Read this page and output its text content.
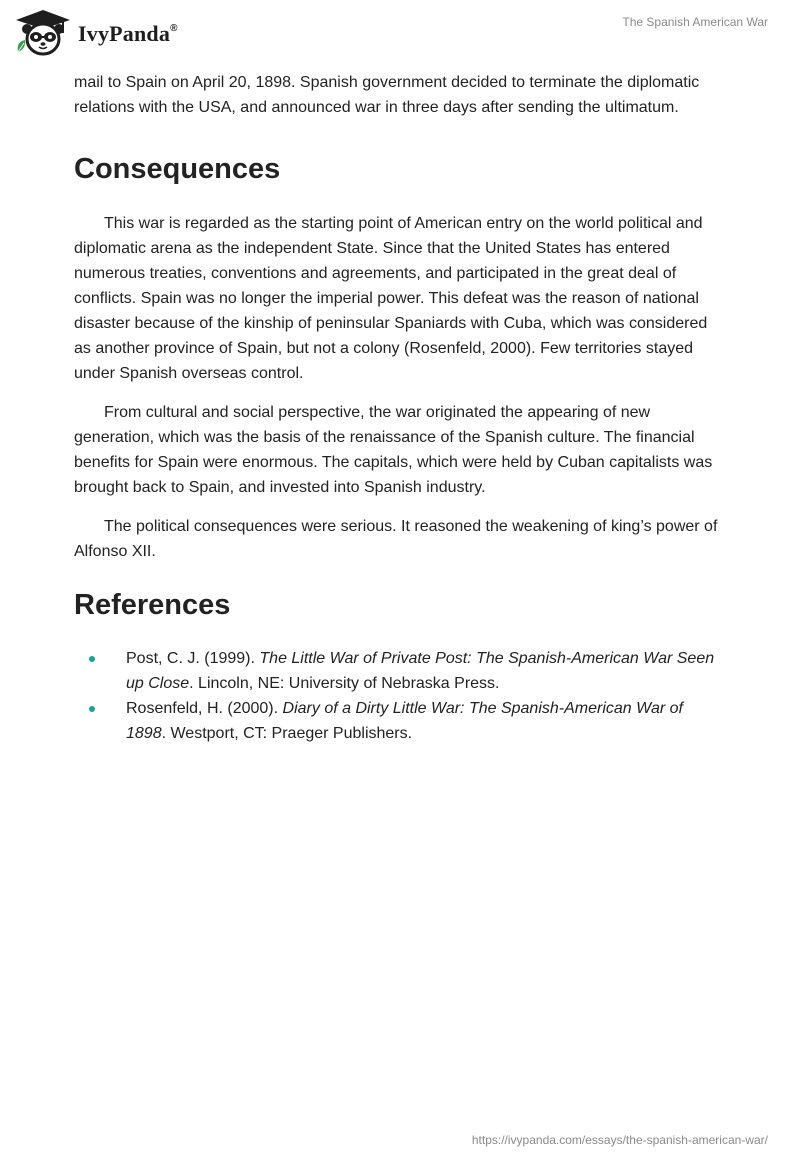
IvyPanda®	The Spanish American War

mail to Spain on April 20, 1898. Spanish government decided to terminate the diplomatic relations with the USA, and announced war in three days after sending the ultimatum.

Consequences

This war is regarded as the starting point of American entry on the world political and diplomatic arena as the independent State. Since that the United States has entered numerous treaties, conventions and agreements, and participated in the great deal of conflicts. Spain was no longer the imperial power. This defeat was the reason of national disaster because of the kinship of peninsular Spaniards with Cuba, which was considered as another province of Spain, but not a colony (Rosenfeld, 2000). Few territories stayed under Spanish overseas control.

From cultural and social perspective, the war originated the appearing of new generation, which was the basis of the renaissance of the Spanish culture. The financial benefits for Spain were enormous. The capitals, which were held by Cuban capitalists was brought back to Spain, and invested into Spanish industry.

The political consequences were serious. It reasoned the weakening of king’s power of Alfonso XII.

References
Post, C. J. (1999). The Little War of Private Post: The Spanish-American War Seen up Close. Lincoln, NE: University of Nebraska Press.
Rosenfeld, H. (2000). Diary of a Dirty Little War: The Spanish-American War of 1898. Westport, CT: Praeger Publishers.
https://ivypanda.com/essays/the-spanish-american-war/
